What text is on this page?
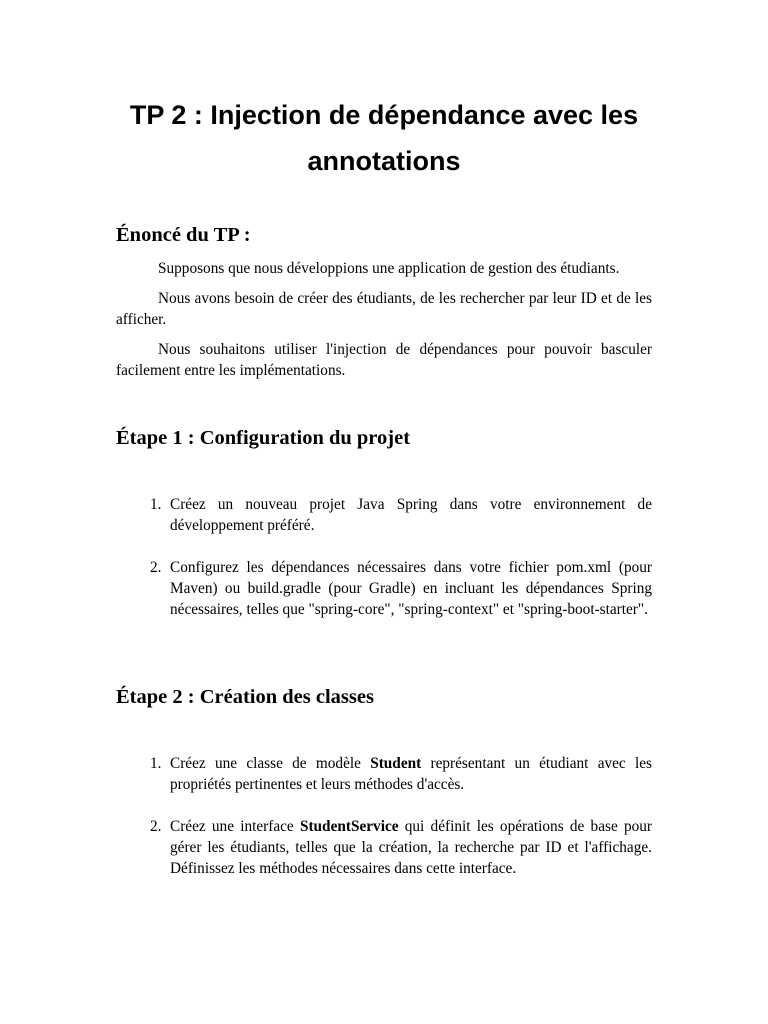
TP 2 : Injection de dépendance avec les annotations
Énoncé du TP :

Supposons que nous développions une application de gestion des étudiants.

Nous avons besoin de créer des étudiants, de les rechercher par leur ID et de les afficher.

Nous souhaitons utiliser l'injection de dépendances pour pouvoir basculer facilement entre les implémentations.

Étape 1 : Configuration du projet
1. Créez un nouveau projet Java Spring dans votre environnement de développement préféré.
2. Configurez les dépendances nécessaires dans votre fichier pom.xml (pour Maven) ou build.gradle (pour Gradle) en incluant les dépendances Spring nécessaires, telles que "spring-core", "spring-context" et "spring-boot-starter".
Étape 2 : Création des classes
1. Créez une classe de modèle Student représentant un étudiant avec les propriétés pertinentes et leurs méthodes d'accès.
2. Créez une interface StudentService qui définit les opérations de base pour gérer les étudiants, telles que la création, la recherche par ID et l'affichage. Définissez les méthodes nécessaires dans cette interface.
